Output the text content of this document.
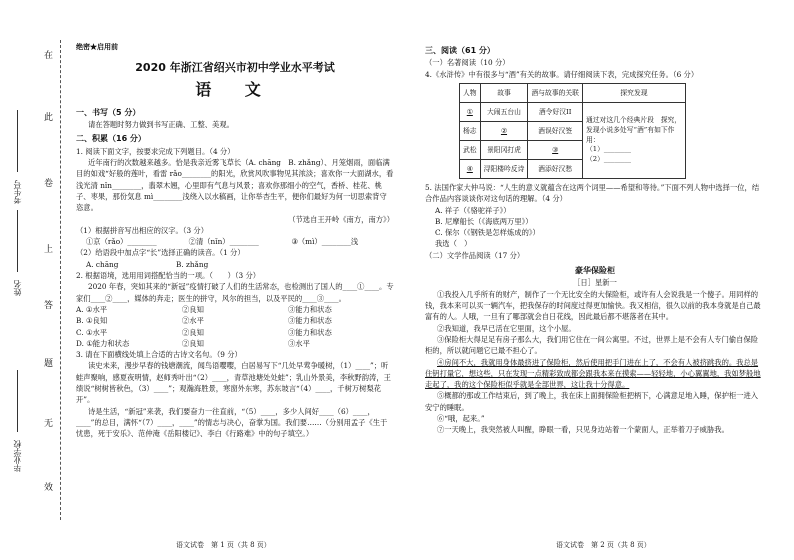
在
此
卷
上
答
题
无
效
毕业学校
姓名
考生号

绝密★启用前

2020 年浙江省绍兴市初中学业水平考试

语 文

一、书写（5 分）

请在答题时努力做到书写正确、工整、美观。

二、积累（16 分）

1. 阅读下面文字，按要求完成下列题目。（4 分）

近年南行的次数越来越多。恰是我亲近雾飞草长（A. chāng　B. zhǎng）、月笼烟雨，面临满目的如戏“好般的莲叶，看雷 rǎo________的阳光，欣赏风吹事物见其浓淡；喜欢你一大面湖水，看浅光清 nǐn________，翡翠木翘，心里即有气息与风景；喜欢你那细小的空气，香桥、桂花、桃子、枣果，那份気息 mì________浅绕入以水稿画，让你举杏生平，便你们最好为何一切思索背守恣意。

（节选自王开岭《南方，南方》）

（1）根据拼音写出相应的汉字。（3 分）

①京（rǎo）________	②清（nǐn）________	③（mì）________浅

（2）给语段中加点字“长”选择正确的读音。（1 分）

A. chāng	B. zhǎng

2. 根据语境，选用用词搭配恰当的一项。（　　）（3 分）

2020 年春，突如其来的“新冠”疫情打破了人们的生活常态，也检测出了国人的____①____。专家们____②____，媒体的奔走；医生的拼守，风尔的担当，以及平民的____③____。

A. ①水平	②良知	③能力和状态
B. ①良知	②水平	③能力和状态
C. ①水平	②良知	③能力和状态
D. ①能力和状态	②良知	③水平

3. 请在下面横线处填上合适的古诗文名句。（9 分）

读史未来，漫步早春的钱塘潮流，闻鸟语嘤嘤，白居易写下“几处早莺争暖树，（1）____”；听蛙声聚响，感夏夜明情，赵师秀叶出“（2）____，青草池塘处处蛙”；乳山外景美，李秋野韵涛，王绩说“树树皆秋色，（3）____”；观瀚海胜景，寒窗外东寒，苏东坡言“（4）____，千树万树梨花开”。

诗是生活，“新冠”来袭，我们要奋力一往直前，“（5）____，多少人间好____（6）____，____”的总目，满怀“（7）____，____”的情志与决心，奋掌为国。我们要……（分别用孟子《生于忧患，死于安乐》、范仲淹《岳阳楼记》、李白《行路难》中的句子填空。）

语文试卷　第 1 页（共 8 页）

三、阅读（61 分）

（一）名著阅读（10 分）

4.《水浒传》中有很多与“酒”有关的故事。请仔细阅读下表，完成探究任务。（6 分）

人物	故事	酒与故事的关联	探究发现
①	大闹五台山	酒令好汉II	通过对这几个经典片段　探究，发现小说多处写“酒”有如下作用：
（1）________
（2）________

杨志	②	酒误好汉签	
武松	景阳冈打虎	③	
④	浔阳楼吟反诗	酒添好汉愁	

5. 法国作家大仲马说：“人生的意义就蕴含在这两个词里——希望和等待。”下面不列人物中选择一位，结合作品内容谈谈你对这句话的理解。（4 分）

A. 祥子（《骆驼祥子》）

B. 尼摩船长（《海底两万里》）

C. 保尔（《钢铁是怎样炼成的》）

我选（　）

（二）文学作品阅读（17 分）

豪华保险柜

［日］星新一

①我投入几乎所有的财产，制作了一个无比安全的大保险柜，或许有人会说我是一个傻子。用同样的钱，我本来可以买一辆汽车，把我保存的时间度过得更加愉快。我又相信，很久以前的我本身就是自己最富有的人。人哦，一旦有了哪部就会自日花线，因此最后都不堪落者在其中。

②我知道，我早已活在它里面，这个小屋。

③保险柜大得足足有房子那么大，我们用它住在一间公寓里。不过，世界上是不会有人专门偷自保险柜的，所以就问题它已最不担心了。

④房间不大，我就用身体最挤进了保险柜，然后使用把手门进在上了，不会有人被挤跳我的。我总是住钥打量它，想这些，只在发现一点精彩致成都会跟我本来在摸索——轻轻地，小心翼翼地，我如梦般地走起了，我的这个保险柜似乎就是全部世界，这让我十分得意。

⑤概都的那或工作结束后，到了晚上，我在床上面拥保险柜把柄下，心满意足地入睡，保护柜一进入安宁的睡眠。

⑥“哦，起来。”

⑦一天晚上，我突然被人叫醒，睁眼一看，只见身边站着一个蒙面人，正举着刀子威胁我。

语文试卷　第 2 页（共 8 页）
